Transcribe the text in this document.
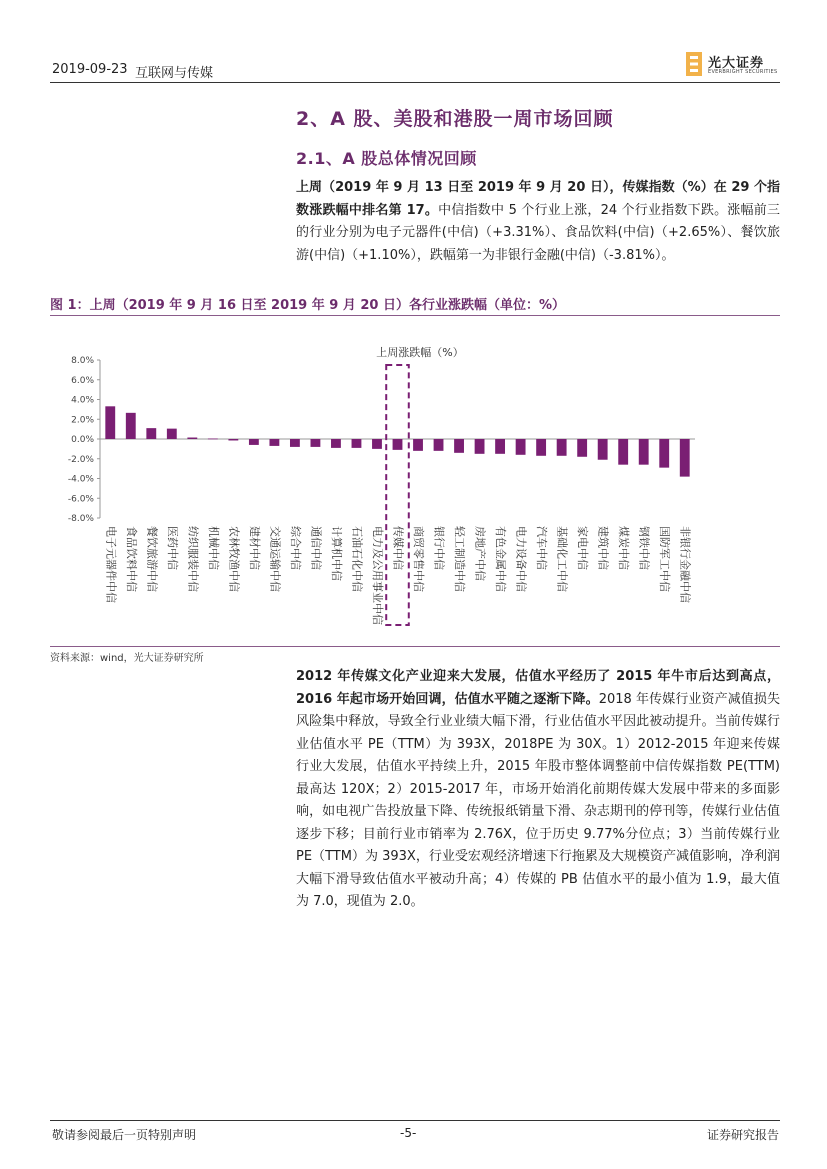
2019-09-23 互联网与传媒
光大证券
EVERBRIGHT SECURITIES
2、A 股、美股和港股一周市场回顾
2.1、A 股总体情况回顾
上周（2019 年 9 月 13 日至 2019 年 9 月 20 日），传媒指数（%）在 29 个指数涨跌幅中排名第 17。中信指数中 5 个行业上涨，24 个行业指数下跌。涨幅前三的行业分别为电子元器件(中信)（+3.31%）、食品饮料(中信)（+2.65%）、餐饮旅游(中信)（+1.10%），跌幅第一为非银行金融(中信)（-3.81%）。
图 1：上周（2019 年 9 月 16 日至 2019 年 9 月 20 日）各行业涨跌幅（单位：%）
8.0%
6.0%
4.0%
2.0%
0.0%
-2.0%
-4.0%
-6.0%
-8.0%
电子元器件中信 食品饮料中信 餐饮旅游中信 医药中信 纺织服装中信 机械中信 农林牧渔中信 建材中信 交通运输中信 综合中信 通信中信 计算机中信 石油石化中信 电力及公用事业中信 传媒中信 商贸零售中信 银行中信 轻工制造中信 房地产中信 有色金属中信 电力设备中信 汽车中信 基础化工中信 家电中信 建筑中信 煤炭中信 钢铁中信 国防军工中信 非银行金融中信
上周涨跌幅（%）
资料来源：wind，光大证券研究所
2012 年传媒文化产业迎来大发展，估值水平经历了 2015 年牛市后达到高点，2016 年起市场开始回调，估值水平随之逐渐下降。2018 年传媒行业资产减值损失风险集中释放，导致全行业业绩大幅下滑，行业估值水平因此被动提升。当前传媒行业估值水平 PE（TTM）为 393X，2018PE 为 30X。1）2012-2015 年迎来传媒行业大发展，估值水平持续上升，2015 年股市整体调整前中信传媒指数 PE(TTM) 最高达 120X；2）2015-2017 年，市场开始消化前期传媒大发展中带来的多面影响，如电视广告投放量下降、传统报纸销量下滑、杂志期刊的停刊等，传媒行业估值逐步下移；目前行业市销率为 2.76X，位于历史 9.77%分位点；3）当前传媒行业 PE（TTM）为 393X，行业受宏观经济增速下行拖累及大规模资产减值影响，净利润大幅下滑导致估值水平被动升高；4）传媒的 PB 估值水平的最小值为 1.9，最大值为 7.0，现值为 2.0。
敬请参阅最后一页特别声明	-5-	证券研究报告
